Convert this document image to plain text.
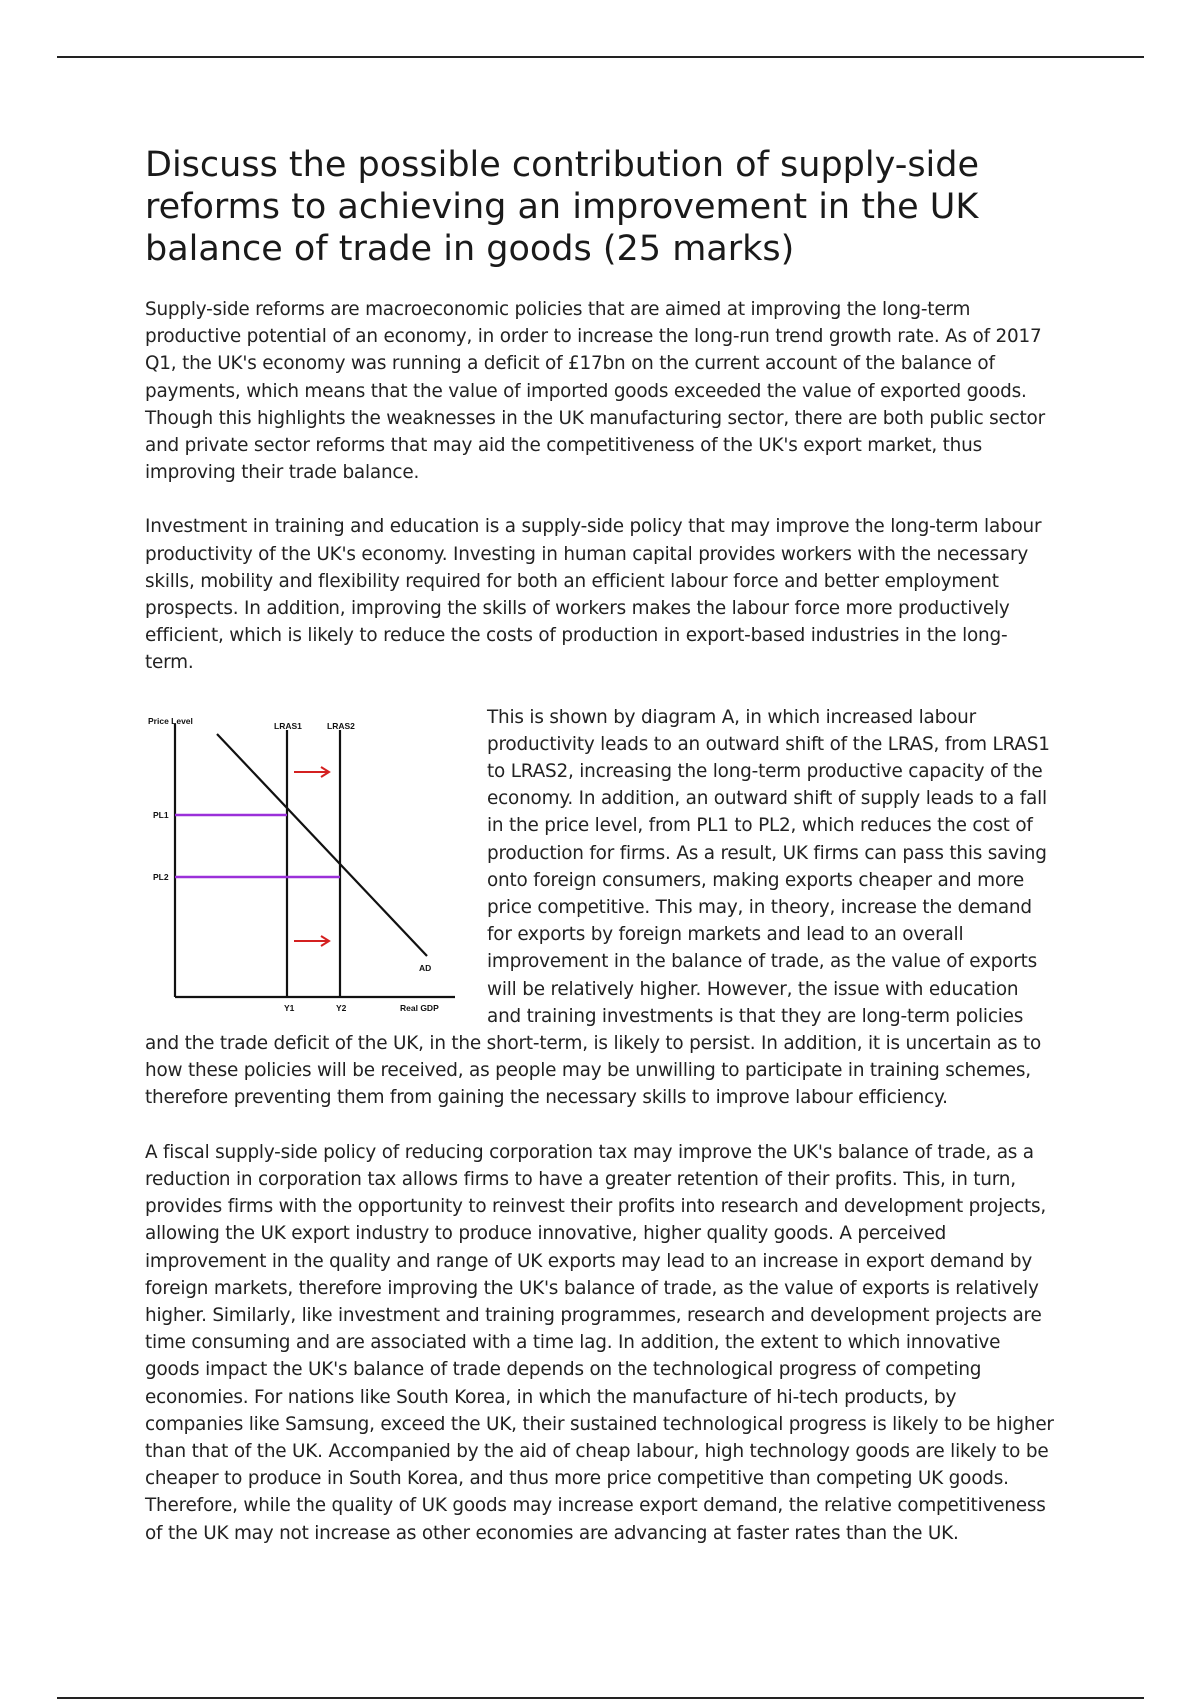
Discuss the possible contribution of supply-side reforms to achieving an improvement in the UK balance of trade in goods (25 marks)

Supply-side reforms are macroeconomic policies that are aimed at improving the long-term productive potential of an economy, in order to increase the long-run trend growth rate. As of 2017 Q1, the UK's economy was running a deficit of £17bn on the current account of the balance of payments, which means that the value of imported goods exceeded the value of exported goods. Though this highlights the weaknesses in the UK manufacturing sector, there are both public sector and private sector reforms that may aid the competitiveness of the UK's export market, thus improving their trade balance.

Investment in training and education is a supply-side policy that may improve the long-term labour productivity of the UK's economy. Investing in human capital provides workers with the necessary skills, mobility and flexibility required for both an efficient labour force and better employment prospects. In addition, improving the skills of workers makes the labour force more productively efficient, which is likely to reduce the costs of production in export-based industries in the long-term.

Price Level	LRAS1	LRAS2
PL1
PL2
AD
Y1	Y2	Real GDP

This is shown by diagram A, in which increased labour productivity leads to an outward shift of the LRAS, from LRAS1 to LRAS2, increasing the long-term productive capacity of the economy. In addition, an outward shift of supply leads to a fall in the price level, from PL1 to PL2, which reduces the cost of production for firms. As a result, UK firms can pass this saving onto foreign consumers, making exports cheaper and more price competitive. This may, in theory, increase the demand for exports by foreign markets and lead to an overall improvement in the balance of trade, as the value of exports will be relatively higher. However, the issue with education and training investments is that they are long-term policies and the trade deficit of the UK, in the short-term, is likely to persist. In addition, it is uncertain as to how these policies will be received, as people may be unwilling to participate in training schemes, therefore preventing them from gaining the necessary skills to improve labour efficiency.

A fiscal supply-side policy of reducing corporation tax may improve the UK's balance of trade, as a reduction in corporation tax allows firms to have a greater retention of their profits. This, in turn, provides firms with the opportunity to reinvest their profits into research and development projects, allowing the UK export industry to produce innovative, higher quality goods. A perceived improvement in the quality and range of UK exports may lead to an increase in export demand by foreign markets, therefore improving the UK's balance of trade, as the value of exports is relatively higher. Similarly, like investment and training programmes, research and development projects are time consuming and are associated with a time lag. In addition, the extent to which innovative goods impact the UK's balance of trade depends on the technological progress of competing economies. For nations like South Korea, in which the manufacture of hi-tech products, by companies like Samsung, exceed the UK, their sustained technological progress is likely to be higher than that of the UK. Accompanied by the aid of cheap labour, high technology goods are likely to be cheaper to produce in South Korea, and thus more price competitive than competing UK goods. Therefore, while the quality of UK goods may increase export demand, the relative competitiveness of the UK may not increase as other economies are advancing at faster rates than the UK.
